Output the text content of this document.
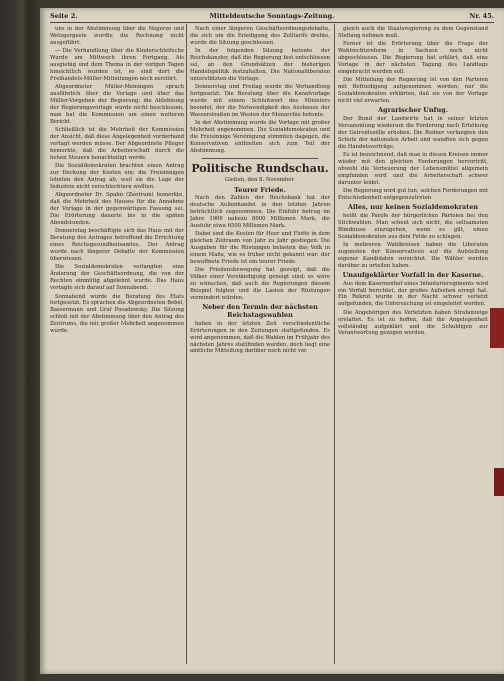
Seite 2.	Mitteldeutsche Sonntags-Zeitung.	Nr. 45.

uns in der Abstimmung über die Negerze und Wetzgergeste wurdie die Rechnung nicht ausgeführt.

— Die Verhandlung über die Kinderschleifsche Wurde am Mittwoch ihren Fortgang. Als ausgiebig und dem Thema in der vorigen Tagen hinsichtlich wurden ist, so sind dort die Freihandels-Müller-Mitteilungen noch zerstört.

Abgeordneter Müller-Meiningen sprach ausführlich über die Vorlage und über das Müller-Vorgehen der Regierung; die Ablehnung der Regierungsvorlage wurde nicht beschlossen, man bat die Kommission um einen weiteren Bericht.

Schließlich ist die Mehrheit der Kommission der Ansicht, daß diese Angelegenheit vorderhand vertagt werden müsse. Der Abgeordnete Pfleger bemerkte, daß die Arbeiterschaft durch die hohen Steuern benachteiligt werde.

Die Sozialdemokraten brachten einen Antrag zur Deckung der Kosten ein; die Freisinnigen lehnten den Antrag ab, weil sie die Lage der Industrie nicht verschlechtern wollten.

Abgeordneter Dr. Spahn (Zentrum) bemerkte, daß die Mehrheit des Hauses für die Annahme der Vorlage in der gegenwärtigen Fassung sei. Die Erörterung dauerte bis in die späten Abendstunden.

Donnerstag beschäftigte sich das Haus mit der Beratung des Antrages betreffend die Errichtung eines Reichsgesundheitsamtes. Der Antrag wurde nach längerer Debatte der Kommission überwiesen.

Die Sozialdemokraten verlangten eine Änderung der Geschäftsordnung, die von der Rechten einmütig abgelehnt wurde. Das Haus vertagte sich darauf auf Sonnabend.

Sonnabend wurde die Beratung des Etats fortgesetzt. Es sprachen die Abgeordneten Bebel, Bassermann und Graf Posadowsky. Die Sitzung schloß mit der Abstimmung über den Antrag des Zentrums, die mit großer Mehrheit angenommen wurde.

Nach einer längeren Geschäftsordnungsdebatte, die sich um die Erledigung des Zolltarifs drehte, wurde die Sitzung geschlossen.

In der folgenden Sitzung betonte der Reichskanzler, daß die Regierung fest entschlossen sei, an den Grundsätzen der bisherigen Handelspolitik festzuhalten. Die Nationalliberalen unterstützten die Vorlage.

Donnerstag und Freitag wurde die Verhandlung fortgesetzt. Die Beratung über die Kanalvorlage wurde mit einem Schlußwort des Ministers beendet, der die Notwendigkeit des Ausbaues der Wasserstraßen im Westen der Monarchie betonte.

In der Abstimmung wurde die Vorlage mit großer Mehrheit angenommen. Die Sozialdemokraten und die Freisinnige Vereinigung stimmten dagegen, die Konservativen enthielten sich zum Teil der Abstimmung.

Politische Rundschau.

Gießen, den 8. November.

Teurer Friede.

Nach den Zahlen der Reichsbank hat der deutsche Außenhandel in den letzten Jahren beträchtlich zugenommen. Die Einfuhr betrug im Jahre 1906 nahezu 8000 Millionen Mark, die Ausfuhr etwa 6500 Millionen Mark.

Dabei sind die Kosten für Heer und Flotte in dem gleichen Zeitraum von Jahr zu Jahr gestiegen. Die Ausgaben für die Rüstungen belasten das Volk in einem Maße, wie es früher nicht gekannt war; der bewaffnete Friede ist ein teurer Friede.

Die Friedensbewegung hat gezeigt, daß die Völker einer Verständigung geneigt sind; es wäre zu wünschen, daß auch die Regierungen diesem Beispiel folgten und die Lasten der Rüstungen vermindert würden.

Neber den Termin der nächsten Reichstagswahlen

haben in der letzten Zeit verschiedentliche Erörterungen in den Zeitungen stattgefunden. Es wird angenommen, daß die Wahlen im Frühjahr des nächsten Jahres stattfinden werden, doch liegt eine amtliche Mitteilung darüber noch nicht vor.

gleich auch die Staatsregierung zu dem Gegenstand Stellung nehmen muß.

Ferner ist die Erörterung über die Frage der Wahlrechtsreform in Sachsen noch nicht abgeschlossen. Die Regierung hat erklärt, daß eine Vorlage in der nächsten Tagung des Landtags eingebracht werden soll.

Die Mitteilung der Regierung ist von den Parteien mit Befriedigung aufgenommen worden; nur die Sozialdemokraten erklärten, daß sie von der Vorlage nicht viel erwarten.

Agrarischer Unfug.

Der Bund der Landwirte hat in seiner letzten Versammlung wiederum die Forderung nach Erhöhung der Getreidezölle erhoben. Die Redner verlangten den Schutz der nationalen Arbeit und wandten sich gegen die Handelsverträge.

Es ist bezeichnend, daß man in diesen Kreisen immer wieder mit den gleichen Forderungen hervortritt, obwohl die Verteuerung der Lebensmittel allgemein empfunden wird und die Arbeiterschaft schwer darunter leidet.

Die Regierung wird gut tun, solchen Forderungen mit Entschiedenheit entgegenzutreten.

Alles, nur keinen Sozialdemokraten

heißt die Parole der bürgerlichen Parteien bei den Stichwahlen. Man scheut sich nicht, die seltsamsten Bündnisse einzugehen, wenn es gilt, einen Sozialdemokraten aus dem Felde zu schlagen.

In mehreren Wahlkreisen haben die Liberalen zugunsten der Konservativen auf die Aufstellung eigener Kandidaten verzichtet. Die Wähler werden darüber zu urteilen haben.

Unaufgeklärter Vorfall in der Kaserne.

Aus dem Kasernenhof eines Infanterieregiments wird ein Vorfall berichtet, der großes Aufsehen erregt hat. Ein Rekrut wurde in der Nacht schwer verletzt aufgefunden, die Untersuchung ist eingeleitet worden.

Die Angehörigen des Verletzten haben Strafanzeige erstattet. Es ist zu hoffen, daß die Angelegenheit vollständig aufgeklärt und die Schuldigen zur Verantwortung gezogen werden.
